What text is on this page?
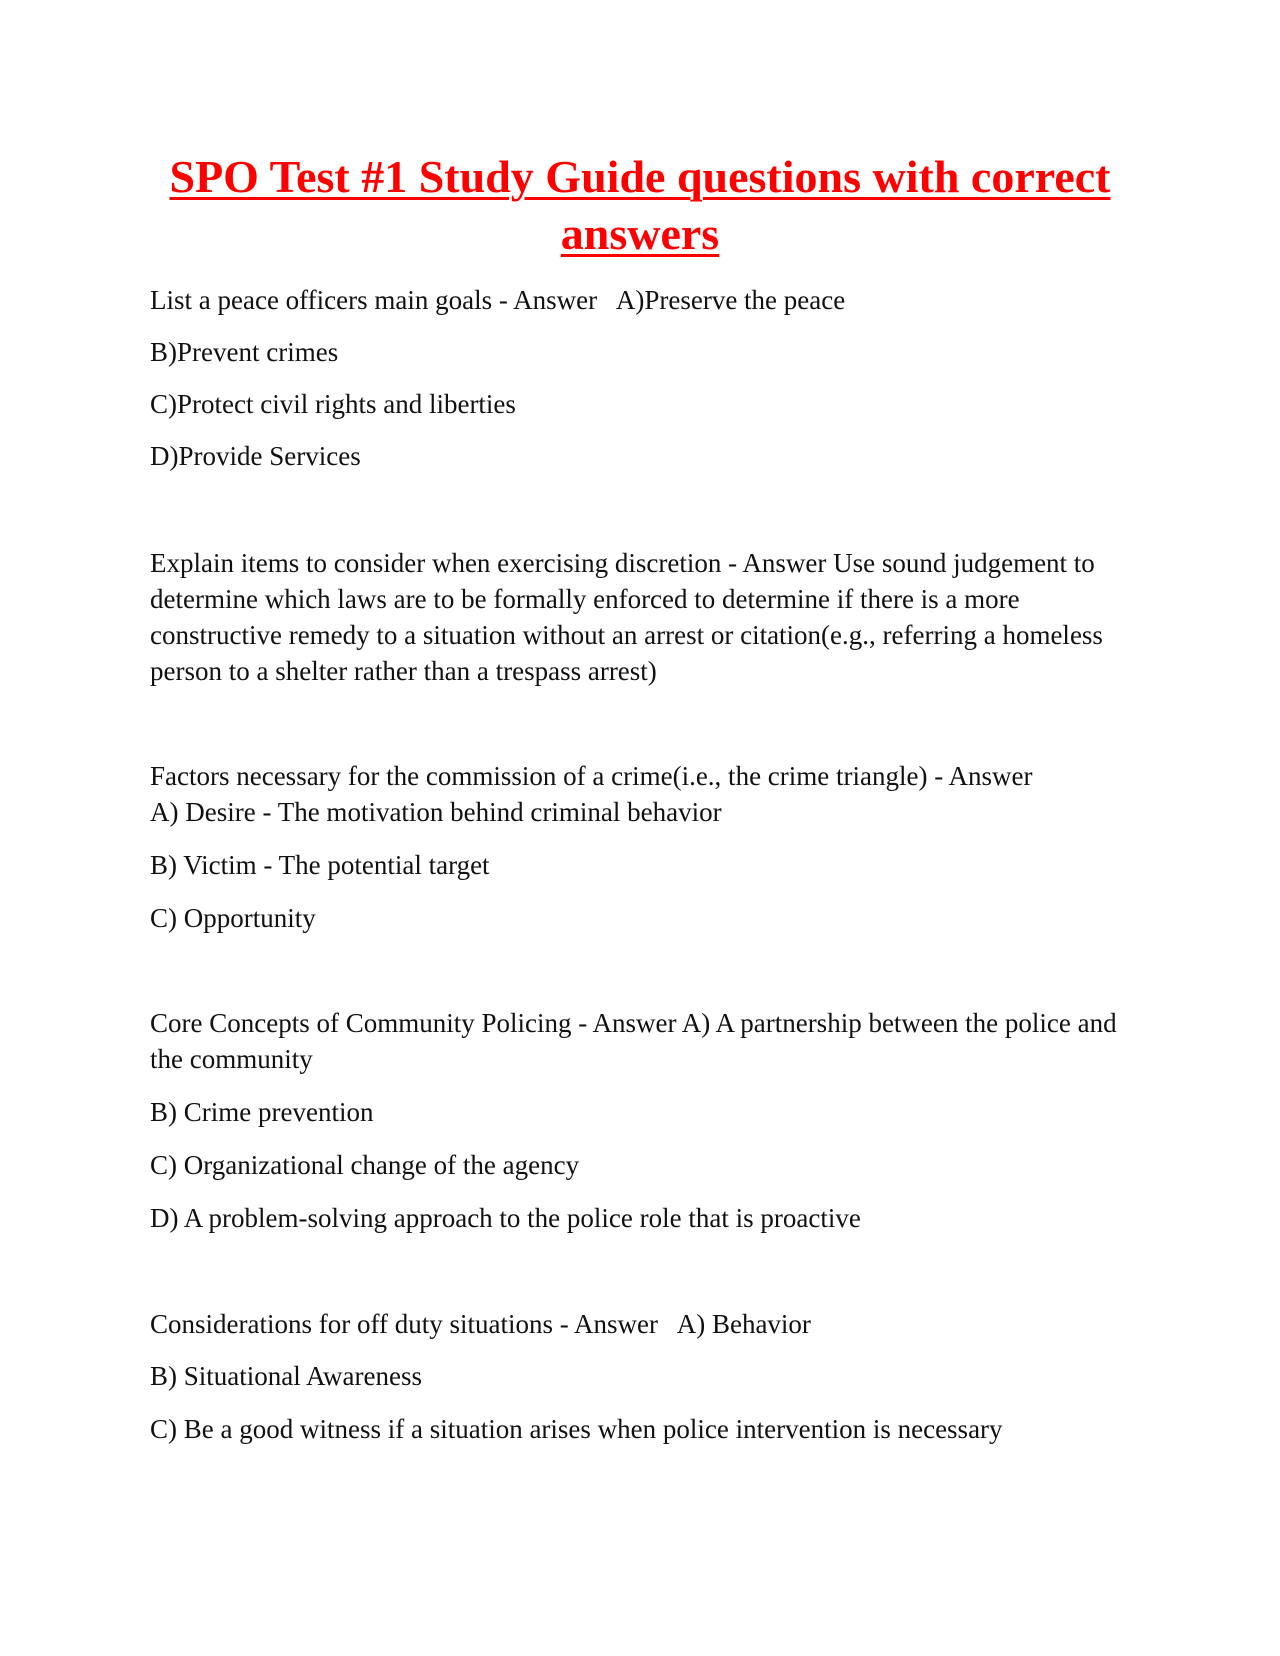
SPO Test #1 Study Guide questions with correct answers

List a peace officers main goals - Answer   A)Preserve the peace

B)Prevent crimes

C)Protect civil rights and liberties

D)Provide Services

Explain items to consider when exercising discretion - Answer Use sound judgement to determine which laws are to be formally enforced to determine if there is a more constructive remedy to a situation without an arrest or citation(e.g., referring a homeless person to a shelter rather than a trespass arrest)

Factors necessary for the commission of a crime(i.e., the crime triangle) - Answer

A) Desire - The motivation behind criminal behavior

B) Victim - The potential target

C) Opportunity

Core Concepts of Community Policing - Answer A) A partnership between the police and the community

B) Crime prevention

C) Organizational change of the agency

D) A problem-solving approach to the police role that is proactive

Considerations for off duty situations - Answer   A) Behavior

B) Situational Awareness

C) Be a good witness if a situation arises when police intervention is necessary
